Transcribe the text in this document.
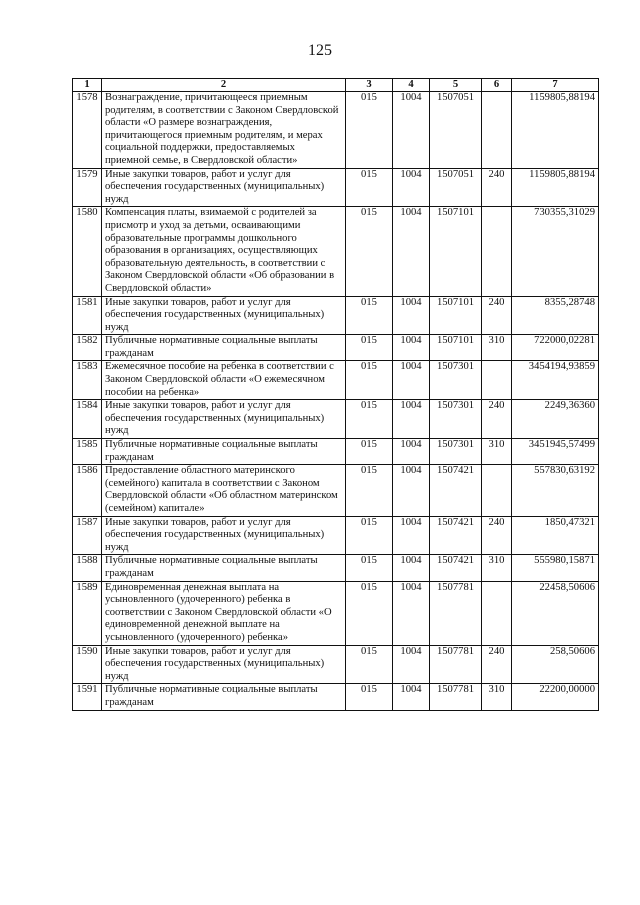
125
1	2	3	4	5	6	7
1578	Вознаграждение, причитающееся приемным родителям, в соответствии с Законом Свердловской области «О размере вознаграждения, причитающегося приемным родителям, и мерах социальной поддержки, предоставляемых приемной семье, в Свердловской области»	015	1004	1507051		1159805,88194
1579	Иные закупки товаров, работ и услуг для обеспечения государственных (муниципальных) нужд	015	1004	1507051	240	1159805,88194
1580	Компенсация платы, взимаемой с родителей за присмотр и уход за детьми, осваивающими образовательные программы дошкольного образования в организациях, осуществляющих образовательную деятельность, в соответствии с Законом Свердловской области «Об образовании в Свердловской области»	015	1004	1507101		730355,31029
1581	Иные закупки товаров, работ и услуг для обеспечения государственных (муниципальных) нужд	015	1004	1507101	240	8355,28748
1582	Публичные нормативные социальные выплаты гражданам	015	1004	1507101	310	722000,02281
1583	Ежемесячное пособие на ребенка в соответствии с Законом Свердловской области «О ежемесячном пособии на ребенка»	015	1004	1507301		3454194,93859
1584	Иные закупки товаров, работ и услуг для обеспечения государственных (муниципальных) нужд	015	1004	1507301	240	2249,36360
1585	Публичные нормативные социальные выплаты гражданам	015	1004	1507301	310	3451945,57499
1586	Предоставление областного материнского (семейного) капитала в соответствии с Законом Свердловской области «Об областном материнском (семейном) капитале»	015	1004	1507421		557830,63192
1587	Иные закупки товаров, работ и услуг для обеспечения государственных (муниципальных) нужд	015	1004	1507421	240	1850,47321
1588	Публичные нормативные социальные выплаты гражданам	015	1004	1507421	310	555980,15871
1589	Единовременная денежная выплата на усыновленного (удочеренного) ребенка в соответствии с Законом Свердловской области «О единовременной денежной выплате на усыновленного (удочеренного) ребенка»	015	1004	1507781		22458,50606
1590	Иные закупки товаров, работ и услуг для обеспечения государственных (муниципальных) нужд	015	1004	1507781	240	258,50606
1591	Публичные нормативные социальные выплаты гражданам	015	1004	1507781	310	22200,00000
